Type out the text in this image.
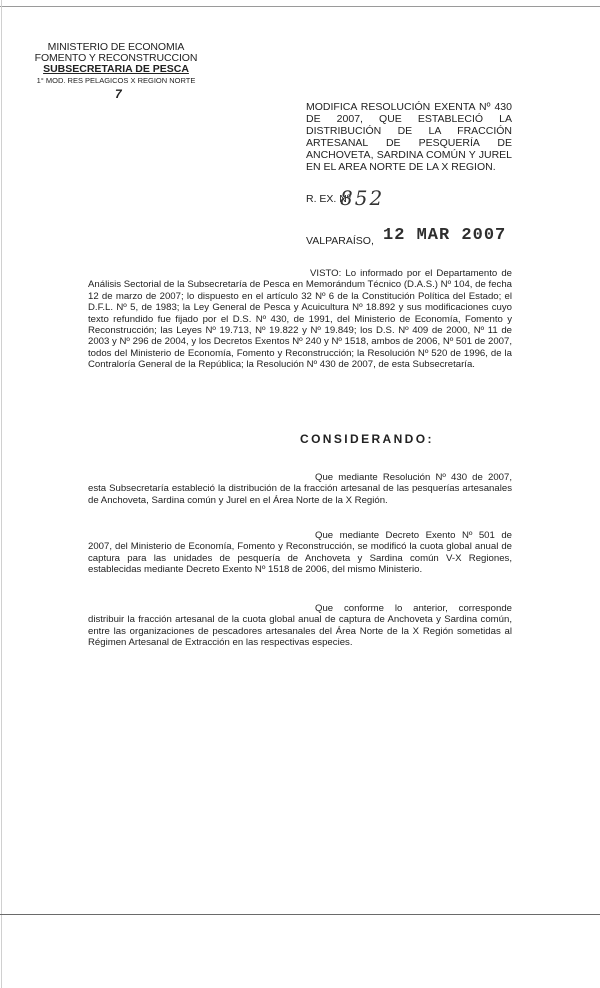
MINISTERIO DE ECONOMIA
FOMENTO Y RECONSTRUCCION
SUBSECRETARIA DE PESCA
1° MOD. RES PELAGICOS X REGION NORTE
7
MODIFICA RESOLUCIÓN EXENTA Nº 430 DE 2007, QUE ESTABLECIÓ LA DISTRIBUCIÓN DE LA FRACCIÓN ARTESANAL DE PESQUERÍA DE ANCHOVETA, SARDINA COMÚN Y JUREL EN EL AREA NORTE DE LA X REGION.
R. EX. Nº
852
VALPARAÍSO, 12 MAR 2007
VISTO: Lo informado por el Departamento de Análisis Sectorial de la Subsecretaría de Pesca en Memorándum Técnico (D.A.S.) Nº 104, de fecha 12 de marzo de 2007; lo dispuesto en el artículo 32 Nº 6 de la Constitución Política del Estado; el D.F.L. Nº 5, de 1983; la Ley General de Pesca y Acuicultura Nº 18.892 y sus modificaciones cuyo texto refundido fue fijado por el D.S. Nº 430, de 1991, del Ministerio de Economía, Fomento y Reconstrucción; las Leyes Nº 19.713, Nº 19.822 y Nº 19.849; los D.S. Nº 409 de 2000, Nº 11 de 2003 y Nº 296 de 2004, y los Decretos Exentos Nº 240 y Nº 1518, ambos de 2006, Nº 501 de 2007, todos del Ministerio de Economía, Fomento y Reconstrucción; la Resolución Nº 520 de 1996, de la Contraloría General de la República; la Resolución Nº 430 de 2007, de esta Subsecretaría.
CONSIDERANDO:
Que mediante Resolución Nº 430 de 2007, esta Subsecretaría estableció la distribución de la fracción artesanal de las pesquerías artesanales de Anchoveta, Sardina común y Jurel en el Área Norte de la X Región.
Que mediante Decreto Exento Nº 501 de 2007, del Ministerio de Economía, Fomento y Reconstrucción, se modificó la cuota global anual de captura para las unidades de pesquería de Anchoveta y Sardina común V-X Regiones, establecidas mediante Decreto Exento Nº 1518 de 2006, del mismo Ministerio.
Que conforme lo anterior, corresponde distribuir la fracción artesanal de la cuota global anual de captura de Anchoveta y Sardina común, entre las organizaciones de pescadores artesanales del Área Norte de la X Región sometidas al Régimen Artesanal de Extracción en las respectivas especies.
